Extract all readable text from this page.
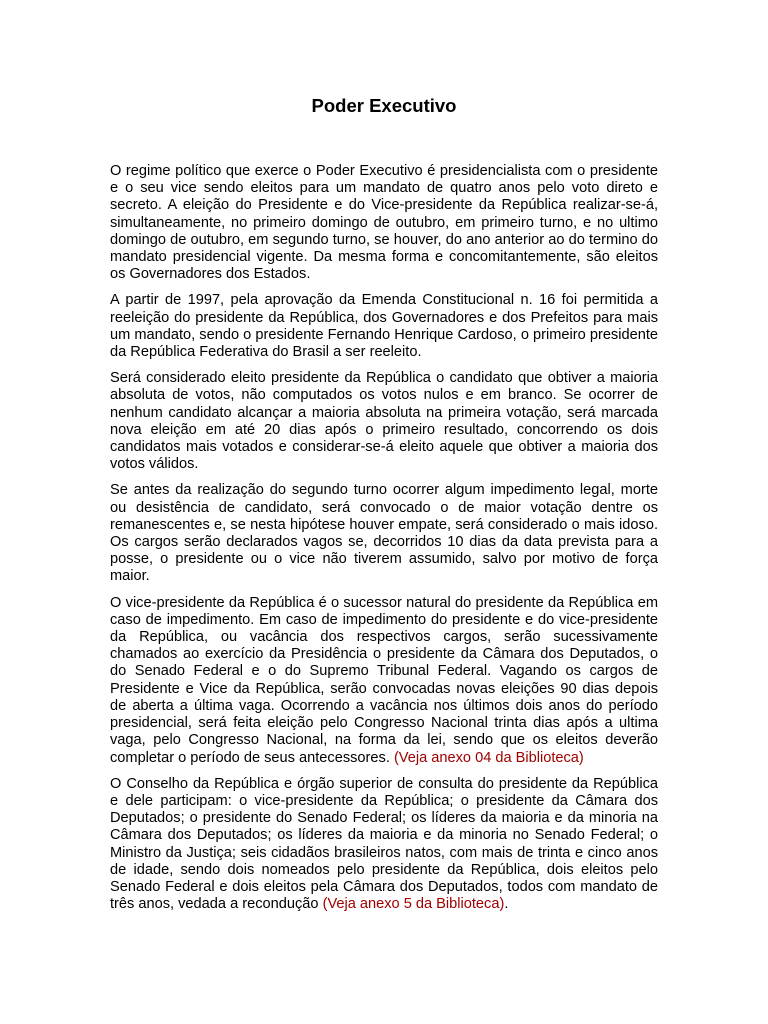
Poder Executivo

O regime político que exerce o Poder Executivo é presidencialista com o presidente e o seu vice sendo eleitos para um mandato de quatro anos pelo voto direto e secreto. A eleição do Presidente e do Vice-presidente da República realizar-se-á, simultaneamente, no primeiro domingo de outubro, em primeiro turno, e no ultimo domingo de outubro, em segundo turno, se houver, do ano anterior ao do termino do mandato presidencial vigente. Da mesma forma e concomitantemente, são eleitos os Governadores dos Estados.

A partir de 1997, pela aprovação da Emenda Constitucional n. 16 foi permitida a reeleição do presidente da República, dos Governadores e dos Prefeitos para mais um mandato, sendo o presidente Fernando Henrique Cardoso, o primeiro presidente da República Federativa do Brasil a ser reeleito.

Será considerado eleito presidente da República o candidato que obtiver a maioria absoluta de votos, não computados os votos nulos e em branco. Se ocorrer de nenhum candidato alcançar a maioria absoluta na primeira votação, será marcada nova eleição em até 20 dias após o primeiro resultado, concorrendo os dois candidatos mais votados e considerar-se-á eleito aquele que obtiver a maioria dos votos válidos.

Se antes da realização do segundo turno ocorrer algum impedimento legal, morte ou desistência de candidato, será convocado o de maior votação dentre os remanescentes e, se nesta hipótese houver empate, será considerado o mais idoso. Os cargos serão declarados vagos se, decorridos 10 dias da data prevista para a posse, o presidente ou o vice não tiverem assumido, salvo por motivo de força maior.

O vice-presidente da República é o sucessor natural do presidente da República em caso de impedimento. Em caso de impedimento do presidente e do vice-presidente da República, ou vacância dos respectivos cargos, serão sucessivamente chamados ao exercício da Presidência o presidente da Câmara dos Deputados, o do Senado Federal e o do Supremo Tribunal Federal. Vagando os cargos de Presidente e Vice da República, serão convocadas novas eleições 90 dias depois de aberta a última vaga. Ocorrendo a vacância nos últimos dois anos do período presidencial, será feita eleição pelo Congresso Nacional trinta dias após a ultima vaga, pelo Congresso Nacional, na forma da lei, sendo que os eleitos deverão completar o período de seus antecessores. (Veja anexo 04 da Biblioteca)

O Conselho da República e órgão superior de consulta do presidente da República e dele participam: o vice-presidente da República; o presidente da Câmara dos Deputados; o presidente do Senado Federal; os líderes da maioria e da minoria na Câmara dos Deputados; os líderes da maioria e da minoria no Senado Federal; o Ministro da Justiça; seis cidadãos brasileiros natos, com mais de trinta e cinco anos de idade, sendo dois nomeados pelo presidente da República, dois eleitos pelo Senado Federal e dois eleitos pela Câmara dos Deputados, todos com mandato de três anos, vedada a recondução (Veja anexo 5 da Biblioteca).
